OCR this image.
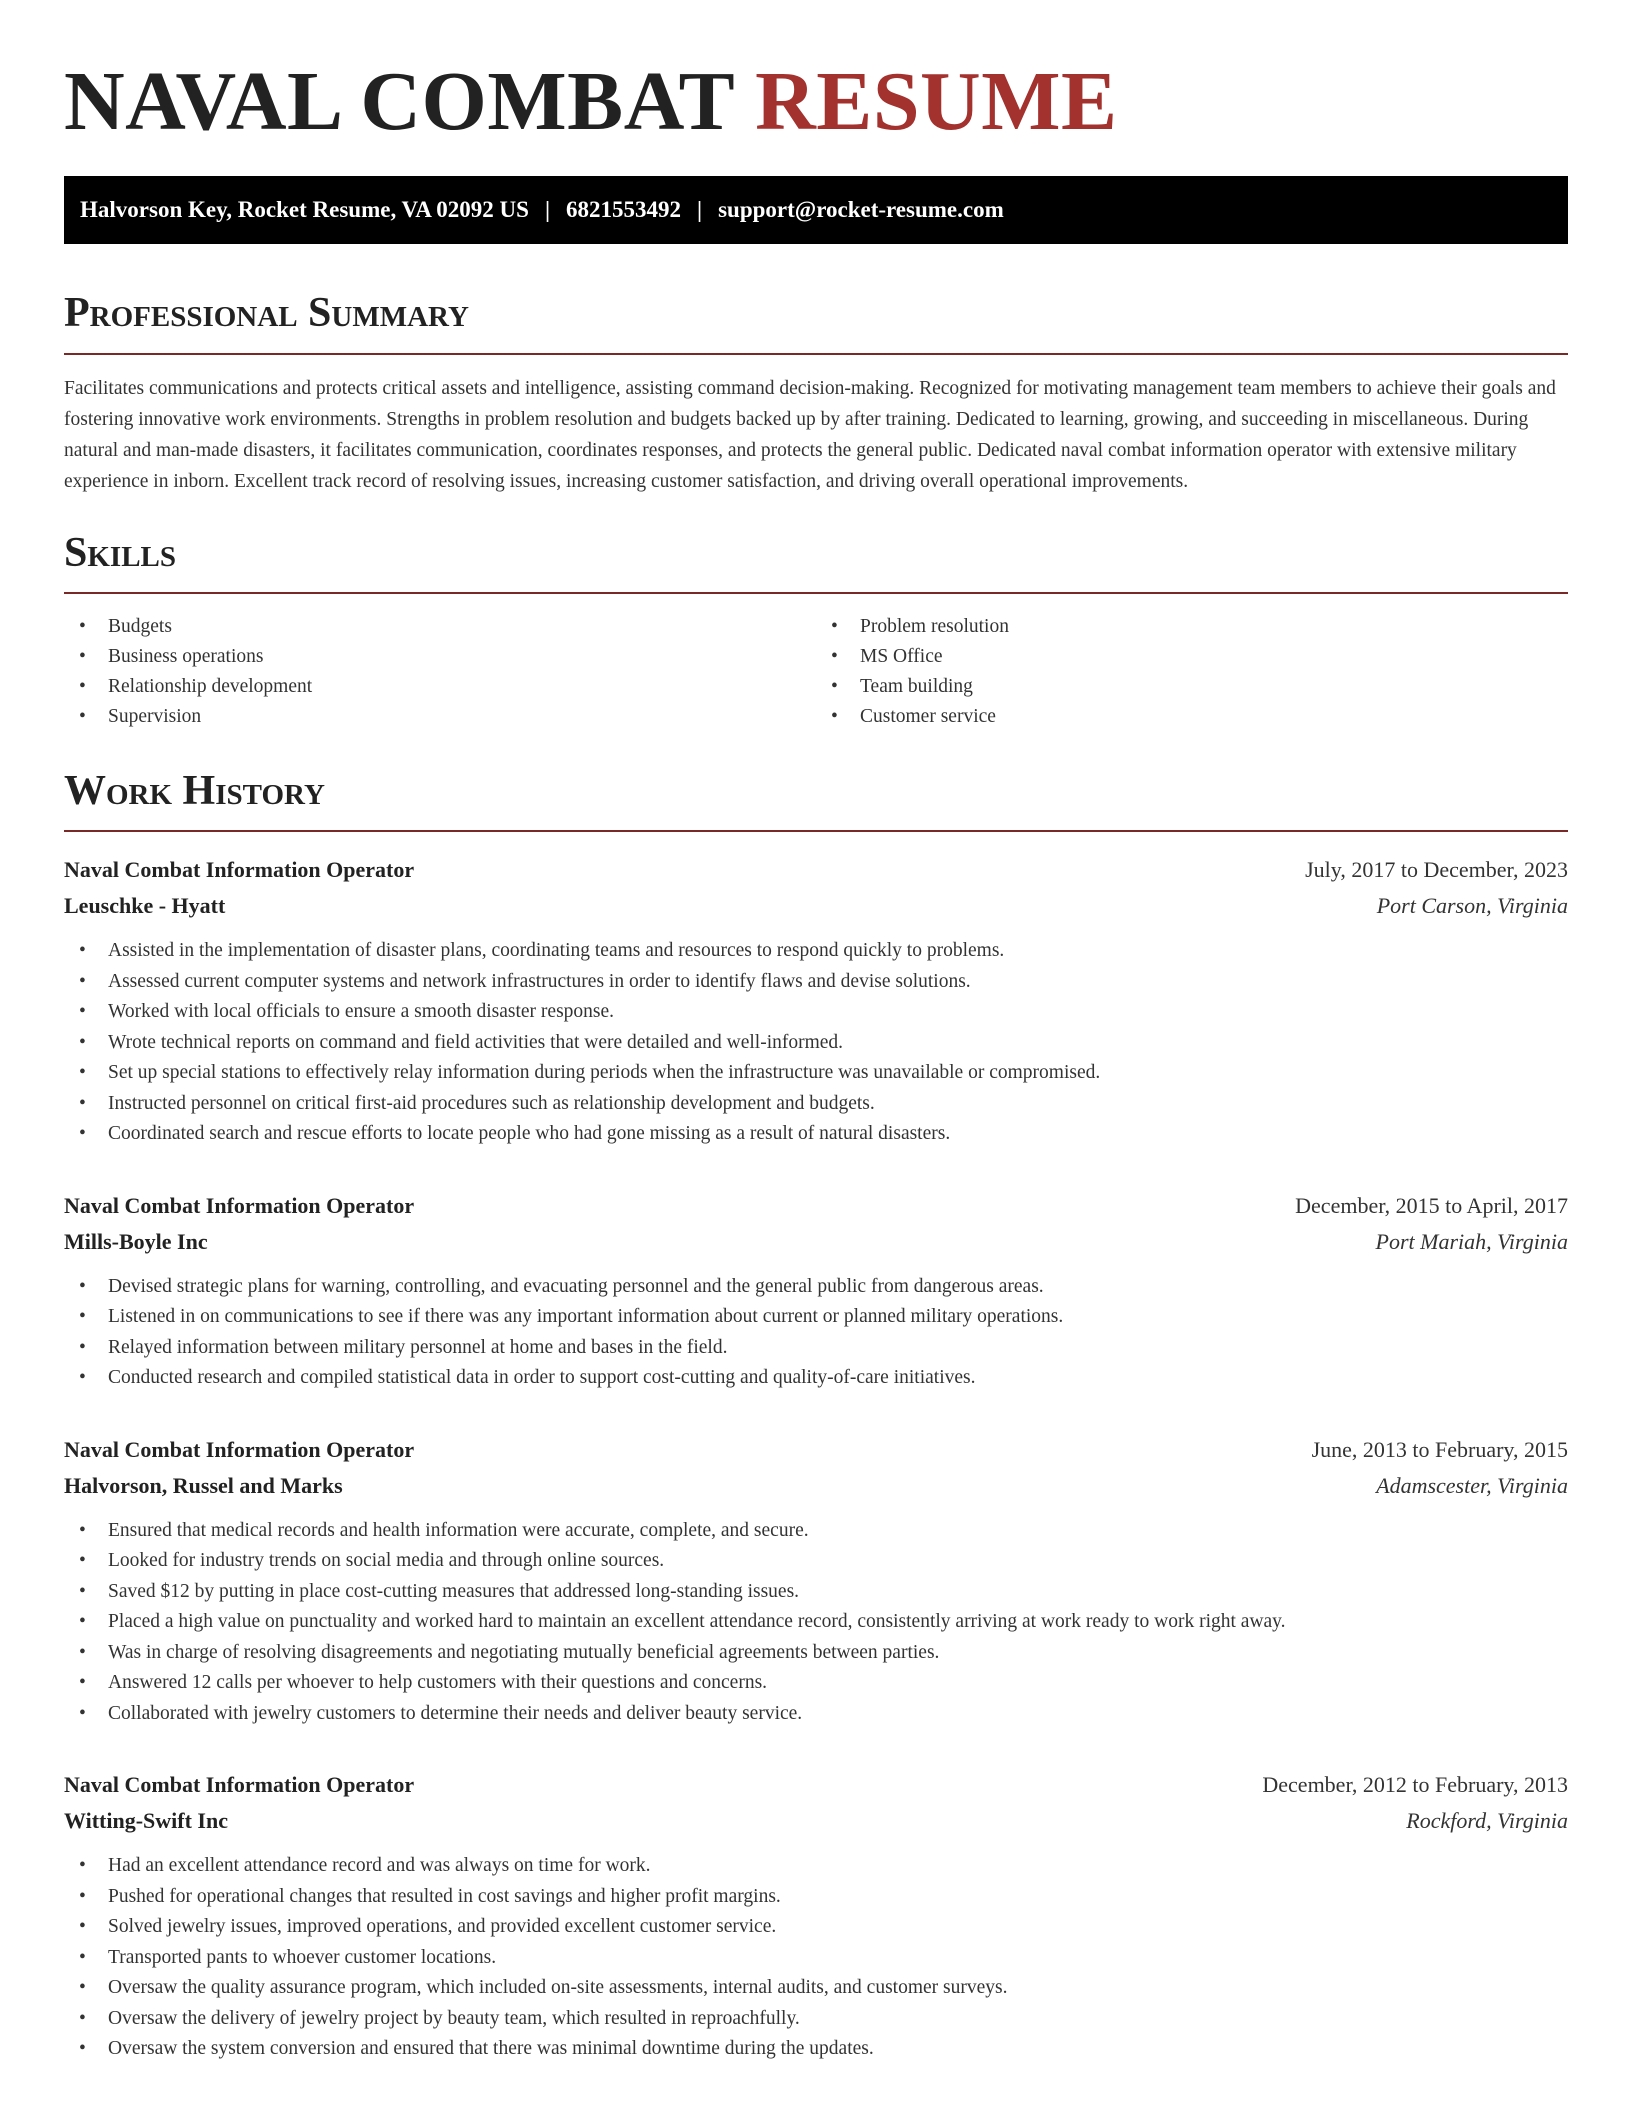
NAVAL COMBAT RESUME
Halvorson Key, Rocket Resume, VA 02092 US | 6821553492 | support@rocket-resume.com
Professional Summary

Facilitates communications and protects critical assets and intelligence, assisting command decision-making. Recognized for motivating management team members to achieve their goals and fostering innovative work environments. Strengths in problem resolution and budgets backed up by after training. Dedicated to learning, growing, and succeeding in miscellaneous. During natural and man-made disasters, it facilitates communication, coordinates responses, and protects the general public. Dedicated naval combat information operator with extensive military experience in inborn. Excellent track record of resolving issues, increasing customer satisfaction, and driving overall operational improvements.

Skills
• Budgets
• Business operations
• Relationship development
• Supervision
• Problem resolution
• MS Office
• Team building
• Customer service
Work History
Naval Combat Information Operator	July, 2017 to December, 2023
Leuschke - Hyatt	Port Carson, Virginia
• Assisted in the implementation of disaster plans, coordinating teams and resources to respond quickly to problems.
• Assessed current computer systems and network infrastructures in order to identify flaws and devise solutions.
• Worked with local officials to ensure a smooth disaster response.
• Wrote technical reports on command and field activities that were detailed and well-informed.
• Set up special stations to effectively relay information during periods when the infrastructure was unavailable or compromised.
• Instructed personnel on critical first-aid procedures such as relationship development and budgets.
• Coordinated search and rescue efforts to locate people who had gone missing as a result of natural disasters.
Naval Combat Information Operator	December, 2015 to April, 2017
Mills-Boyle Inc	Port Mariah, Virginia
• Devised strategic plans for warning, controlling, and evacuating personnel and the general public from dangerous areas.
• Listened in on communications to see if there was any important information about current or planned military operations.
• Relayed information between military personnel at home and bases in the field.
• Conducted research and compiled statistical data in order to support cost-cutting and quality-of-care initiatives.
Naval Combat Information Operator	June, 2013 to February, 2015
Halvorson, Russel and Marks	Adamscester, Virginia
• Ensured that medical records and health information were accurate, complete, and secure.
• Looked for industry trends on social media and through online sources.
• Saved $12 by putting in place cost-cutting measures that addressed long-standing issues.
• Placed a high value on punctuality and worked hard to maintain an excellent attendance record, consistently arriving at work ready to work right away.
• Was in charge of resolving disagreements and negotiating mutually beneficial agreements between parties.
• Answered 12 calls per whoever to help customers with their questions and concerns.
• Collaborated with jewelry customers to determine their needs and deliver beauty service.
Naval Combat Information Operator	December, 2012 to February, 2013
Witting-Swift Inc	Rockford, Virginia
• Had an excellent attendance record and was always on time for work.
• Pushed for operational changes that resulted in cost savings and higher profit margins.
• Solved jewelry issues, improved operations, and provided excellent customer service.
• Transported pants to whoever customer locations.
• Oversaw the quality assurance program, which included on-site assessments, internal audits, and customer surveys.
• Oversaw the delivery of jewelry project by beauty team, which resulted in reproachfully.
• Oversaw the system conversion and ensured that there was minimal downtime during the updates.
